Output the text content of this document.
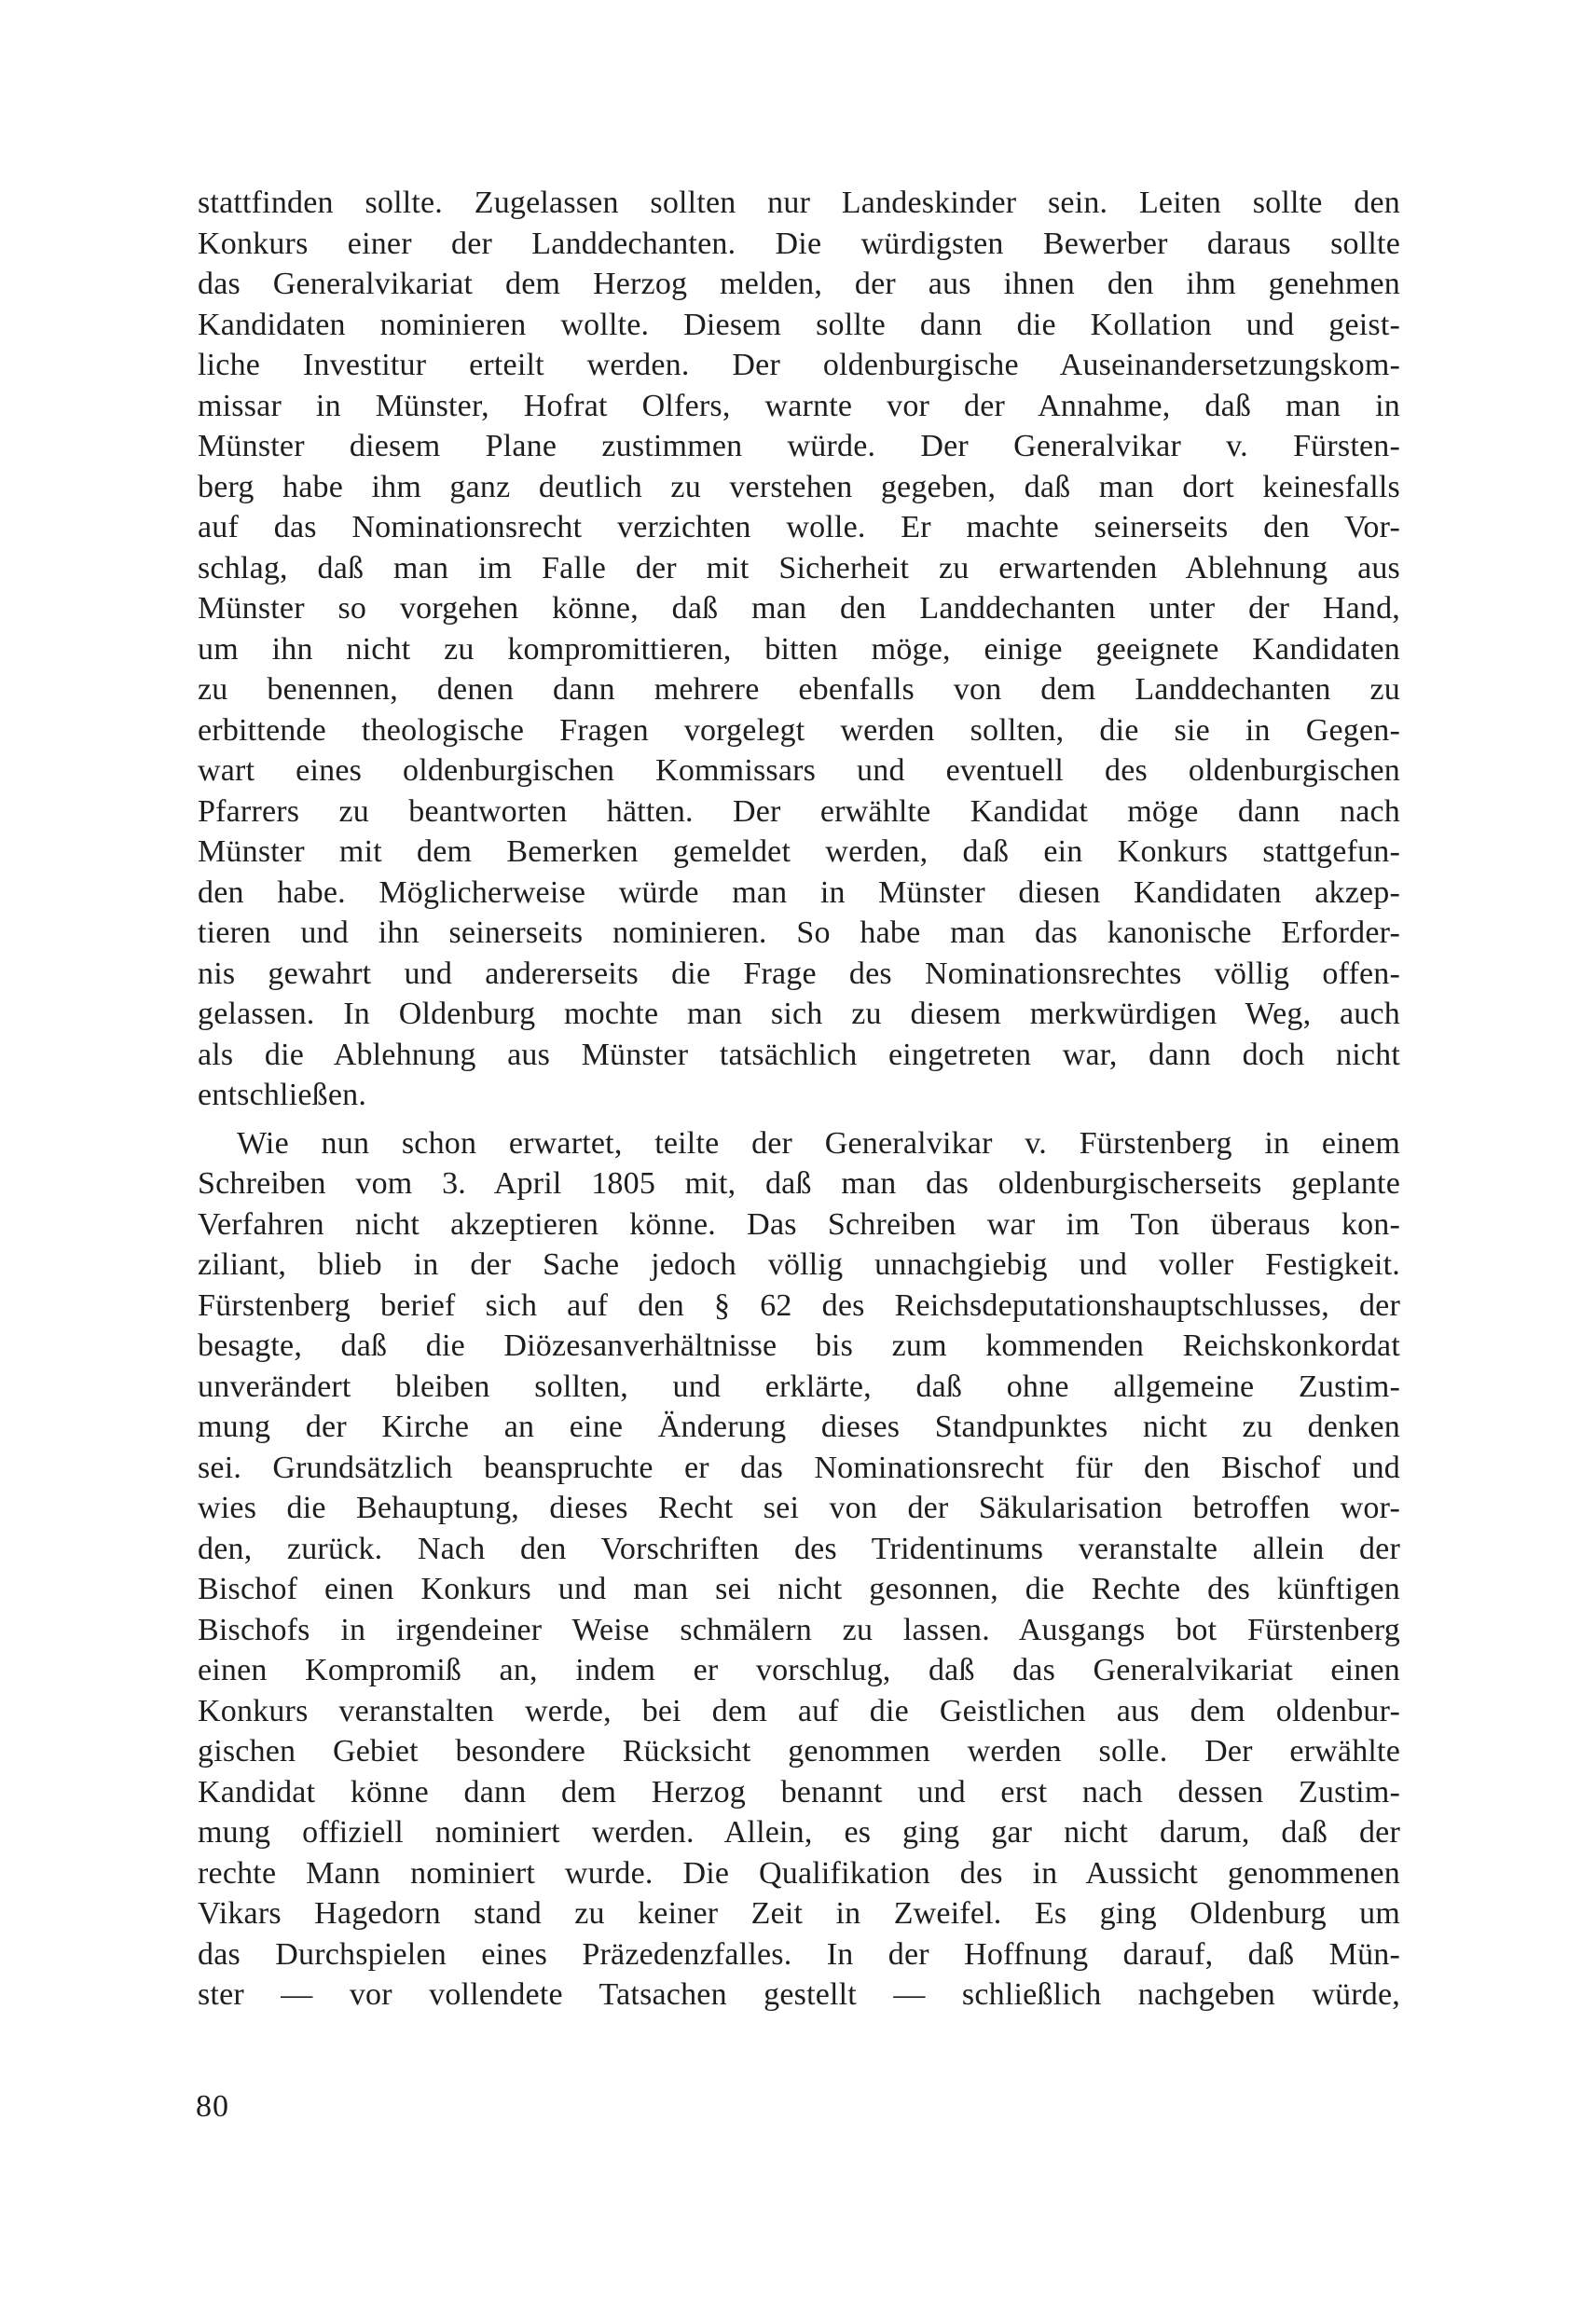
stattfinden sollte. Zugelassen sollten nur Landeskinder sein. Leiten sollte den
Konkurs einer der Landdechanten. Die würdigsten Bewerber daraus sollte
das Generalvikariat dem Herzog melden, der aus ihnen den ihm genehmen
Kandidaten nominieren wollte. Diesem sollte dann die Kollation und geist-
liche Investitur erteilt werden. Der oldenburgische Auseinandersetzungskom-
missar in Münster, Hofrat Olfers, warnte vor der Annahme, daß man in
Münster diesem Plane zustimmen würde. Der Generalvikar v. Fürsten-
berg habe ihm ganz deutlich zu verstehen gegeben, daß man dort keinesfalls
auf das Nominationsrecht verzichten wolle. Er machte seinerseits den Vor-
schlag, daß man im Falle der mit Sicherheit zu erwartenden Ablehnung aus
Münster so vorgehen könne, daß man den Landdechanten unter der Hand,
um ihn nicht zu kompromittieren, bitten möge, einige geeignete Kandidaten
zu benennen, denen dann mehrere ebenfalls von dem Landdechanten zu
erbittende theologische Fragen vorgelegt werden sollten, die sie in Gegen-
wart eines oldenburgischen Kommissars und eventuell des oldenburgischen
Pfarrers zu beantworten hätten. Der erwählte Kandidat möge dann nach
Münster mit dem Bemerken gemeldet werden, daß ein Konkurs stattgefun-
den habe. Möglicherweise würde man in Münster diesen Kandidaten akzep-
tieren und ihn seinerseits nominieren. So habe man das kanonische Erforder-
nis gewahrt und andererseits die Frage des Nominationsrechtes völlig offen-
gelassen. In Oldenburg mochte man sich zu diesem merkwürdigen Weg, auch
als die Ablehnung aus Münster tatsächlich eingetreten war, dann doch nicht
entschließen.
Wie nun schon erwartet, teilte der Generalvikar v. Fürstenberg in einem
Schreiben vom 3. April 1805 mit, daß man das oldenburgischerseits geplante
Verfahren nicht akzeptieren könne. Das Schreiben war im Ton überaus kon-
ziliant, blieb in der Sache jedoch völlig unnachgiebig und voller Festigkeit.
Fürstenberg berief sich auf den § 62 des Reichsdeputationshauptschlusses, der
besagte, daß die Diözesanverhältnisse bis zum kommenden Reichskonkordat
unverändert bleiben sollten, und erklärte, daß ohne allgemeine Zustim-
mung der Kirche an eine Änderung dieses Standpunktes nicht zu denken
sei. Grundsätzlich beanspruchte er das Nominationsrecht für den Bischof und
wies die Behauptung, dieses Recht sei von der Säkularisation betroffen wor-
den, zurück. Nach den Vorschriften des Tridentinums veranstalte allein der
Bischof einen Konkurs und man sei nicht gesonnen, die Rechte des künftigen
Bischofs in irgendeiner Weise schmälern zu lassen. Ausgangs bot Fürstenberg
einen Kompromiß an, indem er vorschlug, daß das Generalvikariat einen
Konkurs veranstalten werde, bei dem auf die Geistlichen aus dem oldenbur-
gischen Gebiet besondere Rücksicht genommen werden solle. Der erwählte
Kandidat könne dann dem Herzog benannt und erst nach dessen Zustim-
mung offiziell nominiert werden. Allein, es ging gar nicht darum, daß der
rechte Mann nominiert wurde. Die Qualifikation des in Aussicht genommenen
Vikars Hagedorn stand zu keiner Zeit in Zweifel. Es ging Oldenburg um
das Durchspielen eines Präzedenzfalles. In der Hoffnung darauf, daß Mün-
ster — vor vollendete Tatsachen gestellt — schließlich nachgeben würde,
80
